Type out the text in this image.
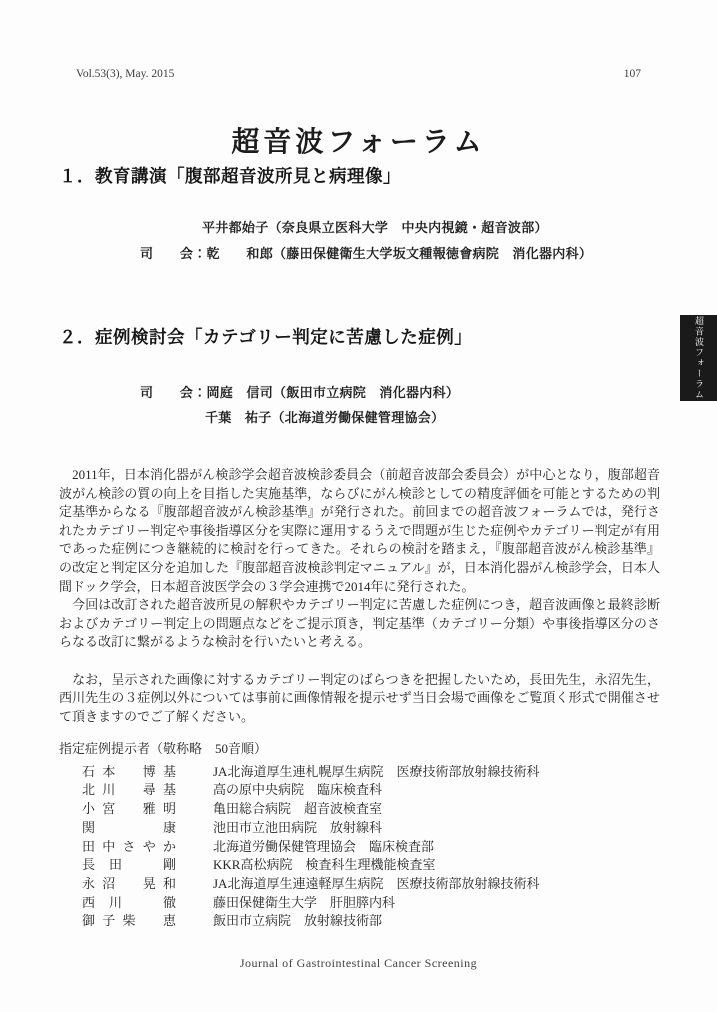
Vol.53(3), May. 2015	107
超音波フォーラム
１．教育講演「腹部超音波所見と病理像」
平井都始子（奈良県立医科大学　中央内視鏡・超音波部）
司　　会：乾　　和郎（藤田保健衛生大学坂文種報徳會病院　消化器内科）
２．症例検討会「カテゴリー判定に苦慮した症例」
司　　会：岡庭　信司（飯田市立病院　消化器内科）
千葉　祐子（北海道労働保健管理協会）
超音波フォーラム

　2011年，日本消化器がん検診学会超音波検診委員会（前超音波部会委員会）が中心となり，腹部超音波がん検診の質の向上を目指した実施基準，ならびにがん検診としての精度評価を可能とするための判定基準からなる『腹部超音波がん検診基準』が発行された。前回までの超音波フォーラムでは，発行されたカテゴリー判定や事後指導区分を実際に運用するうえで問題が生じた症例やカテゴリー判定が有用であった症例につき継続的に検討を行ってきた。それらの検討を踏まえ，『腹部超音波がん検診基準』の改定と判定区分を追加した『腹部超音波検診判定マニュアル』が，日本消化器がん検診学会，日本人間ドック学会，日本超音波医学会の３学会連携で2014年に発行された。

　今回は改訂された超音波所見の解釈やカテゴリー判定に苦慮した症例につき，超音波画像と最終診断およびカテゴリー判定上の問題点などをご提示頂き，判定基準（カテゴリー分類）や事後指導区分のさらなる改訂に繋がるような検討を行いたいと考える。

　なお，呈示された画像に対するカテゴリー判定のばらつきを把握したいため，長田先生，永沼先生，西川先生の３症例以外については事前に画像情報を提示せず当日会場で画像をご覧頂く形式で開催させて頂きますのでご了解ください。

指定症例提示者（敬称略　50音順）

石本　博基	JA北海道厚生連札幌厚生病院　医療技術部放射線技術科
北川　尋基	高の原中央病院　臨床検査科
小宮　雅明	亀田総合病院　超音波検査室
関　康	池田市立池田病院　放射線科
田中さやか	北海道労働保健管理協会　臨床検査部
長田　剛	KKR高松病院　検査科生理機能検査室
永沼　晃和	JA北海道厚生連遠軽厚生病院　医療技術部放射線技術科
西川　徹	藤田保健衛生大学　肝胆膵内科
御子柴　恵	飯田市立病院　放射線技術部
Journal of Gastrointestinal Cancer Screening
